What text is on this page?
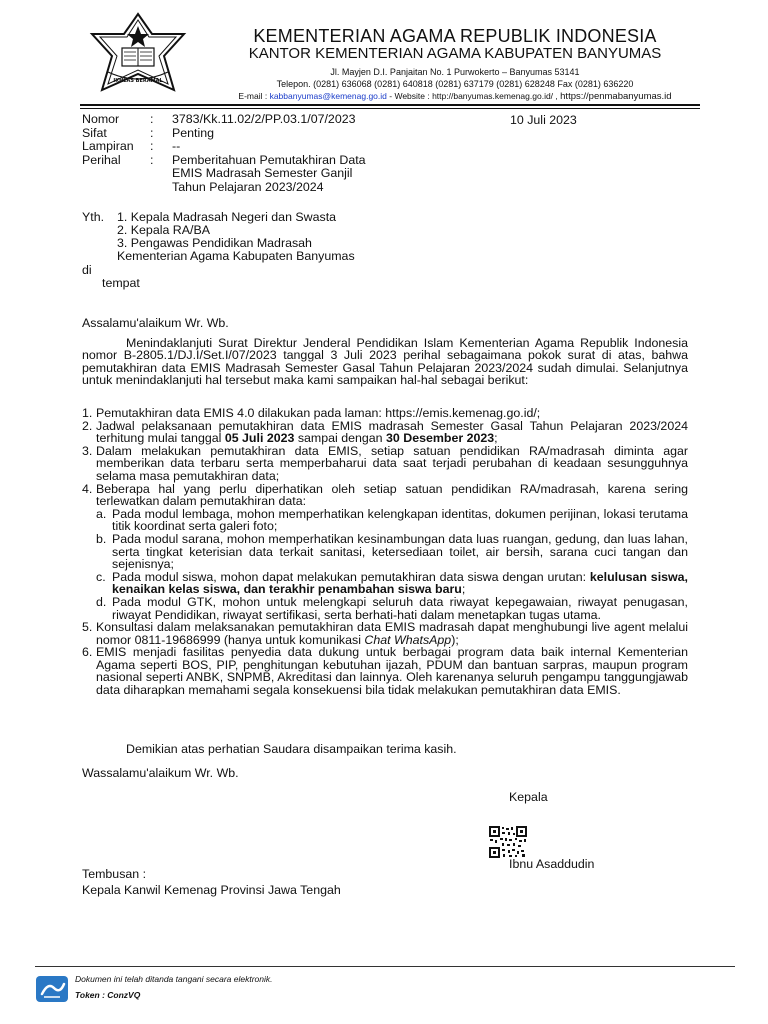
IKHLAS BERAMAL
KEMENTERIAN AGAMA REPUBLIK INDONESIA
KANTOR KEMENTERIAN AGAMA KABUPATEN BANYUMAS
Jl. Mayjen D.I. Panjaitan No. 1 Purwokerto – Banyumas 53141
Telepon. (0281) 636068 (0281) 640818 (0281) 637179 (0281) 628248 Fax (0281) 636220
E-mail : kabbanyumas@kemenag.go.id - Website : http://banyumas.kemenag.go.id/ , https://penmabanyumas.id
Nomor	:	3783/Kk.11.02/2/PP.03.1/07/2023
Sifat	:	Penting
Lampiran	:	--
Perihal	:	Pemberitahuan Pemutakhiran Data
EMIS Madrasah Semester Ganjil
Tahun Pelajaran 2023/2024
10 Juli 2023
Yth.	1. Kepala Madrasah Negeri dan Swasta
2. Kepala RA/BA
3. Pengawas Pendidikan Madrasah
Kementerian Agama Kabupaten Banyumas
di
tempat
Assalamu'alaikum Wr. Wb.

Menindaklanjuti Surat Direktur Jenderal Pendidikan Islam Kementerian Agama Republik Indonesia nomor B-2805.1/DJ.I/Set.I/07/2023 tanggal 3 Juli 2023 perihal sebagaimana pokok surat di atas, bahwa pemutakhiran data EMIS Madrasah Semester Gasal Tahun Pelajaran 2023/2024 sudah dimulai. Selanjutnya untuk menindaklanjuti hal tersebut maka kami sampaikan hal-hal sebagai berikut:

1. Pemutakhiran data EMIS 4.0 dilakukan pada laman: https://emis.kemenag.go.id/;
2. Jadwal pelaksanaan pemutakhiran data EMIS madrasah Semester Gasal Tahun Pelajaran 2023/2024 terhitung mulai tanggal 05 Juli 2023 sampai dengan 30 Desember 2023;
3. Dalam melakukan pemutakhiran data EMIS, setiap satuan pendidikan RA/madrasah diminta agar memberikan data terbaru serta memperbaharui data saat terjadi perubahan di keadaan sesungguhnya selama masa pemutakhiran data;
4. Beberapa hal yang perlu diperhatikan oleh setiap satuan pendidikan RA/madrasah, karena sering terlewatkan dalam pemutakhiran data:
a. Pada modul lembaga, mohon memperhatikan kelengkapan identitas, dokumen perijinan, lokasi terutama titik koordinat serta galeri foto;
b. Pada modul sarana, mohon memperhatikan kesinambungan data luas ruangan, gedung, dan luas lahan, serta tingkat keterisian data terkait sanitasi, ketersediaan toilet, air bersih, sarana cuci tangan dan sejenisnya;
c. Pada modul siswa, mohon dapat melakukan pemutakhiran data siswa dengan urutan: kelulusan siswa, kenaikan kelas siswa, dan terakhir penambahan siswa baru;
d. Pada modul GTK, mohon untuk melengkapi seluruh data riwayat kepegawaian, riwayat penugasan, riwayat Pendidikan, riwayat sertifikasi, serta berhati-hati dalam menetapkan tugas utama.
5. Konsultasi dalam melaksanakan pemutakhiran data EMIS madrasah dapat menghubungi live agent melalui nomor 0811-19686999 (hanya untuk komunikasi Chat WhatsApp);
6. EMIS menjadi fasilitas penyedia data dukung untuk berbagai program data baik internal Kementerian Agama seperti BOS, PIP, penghitungan kebutuhan ijazah, PDUM dan bantuan sarpras, maupun program nasional seperti ANBK, SNPMB, Akreditasi dan lainnya. Oleh karenanya seluruh pengampu tanggungjawab data diharapkan memahami segala konsekuensi bila tidak melakukan pemutakhiran data EMIS.
Demikian atas perhatian Saudara disampaikan terima kasih.
Wassalamu'alaikum Wr. Wb.
Kepala
Ibnu Asaddudin
Tembusan :
Kepala Kanwil Kemenag Provinsi Jawa Tengah
Dokumen ini telah ditanda tangani secara elektronik.
Token : ConzVQ
